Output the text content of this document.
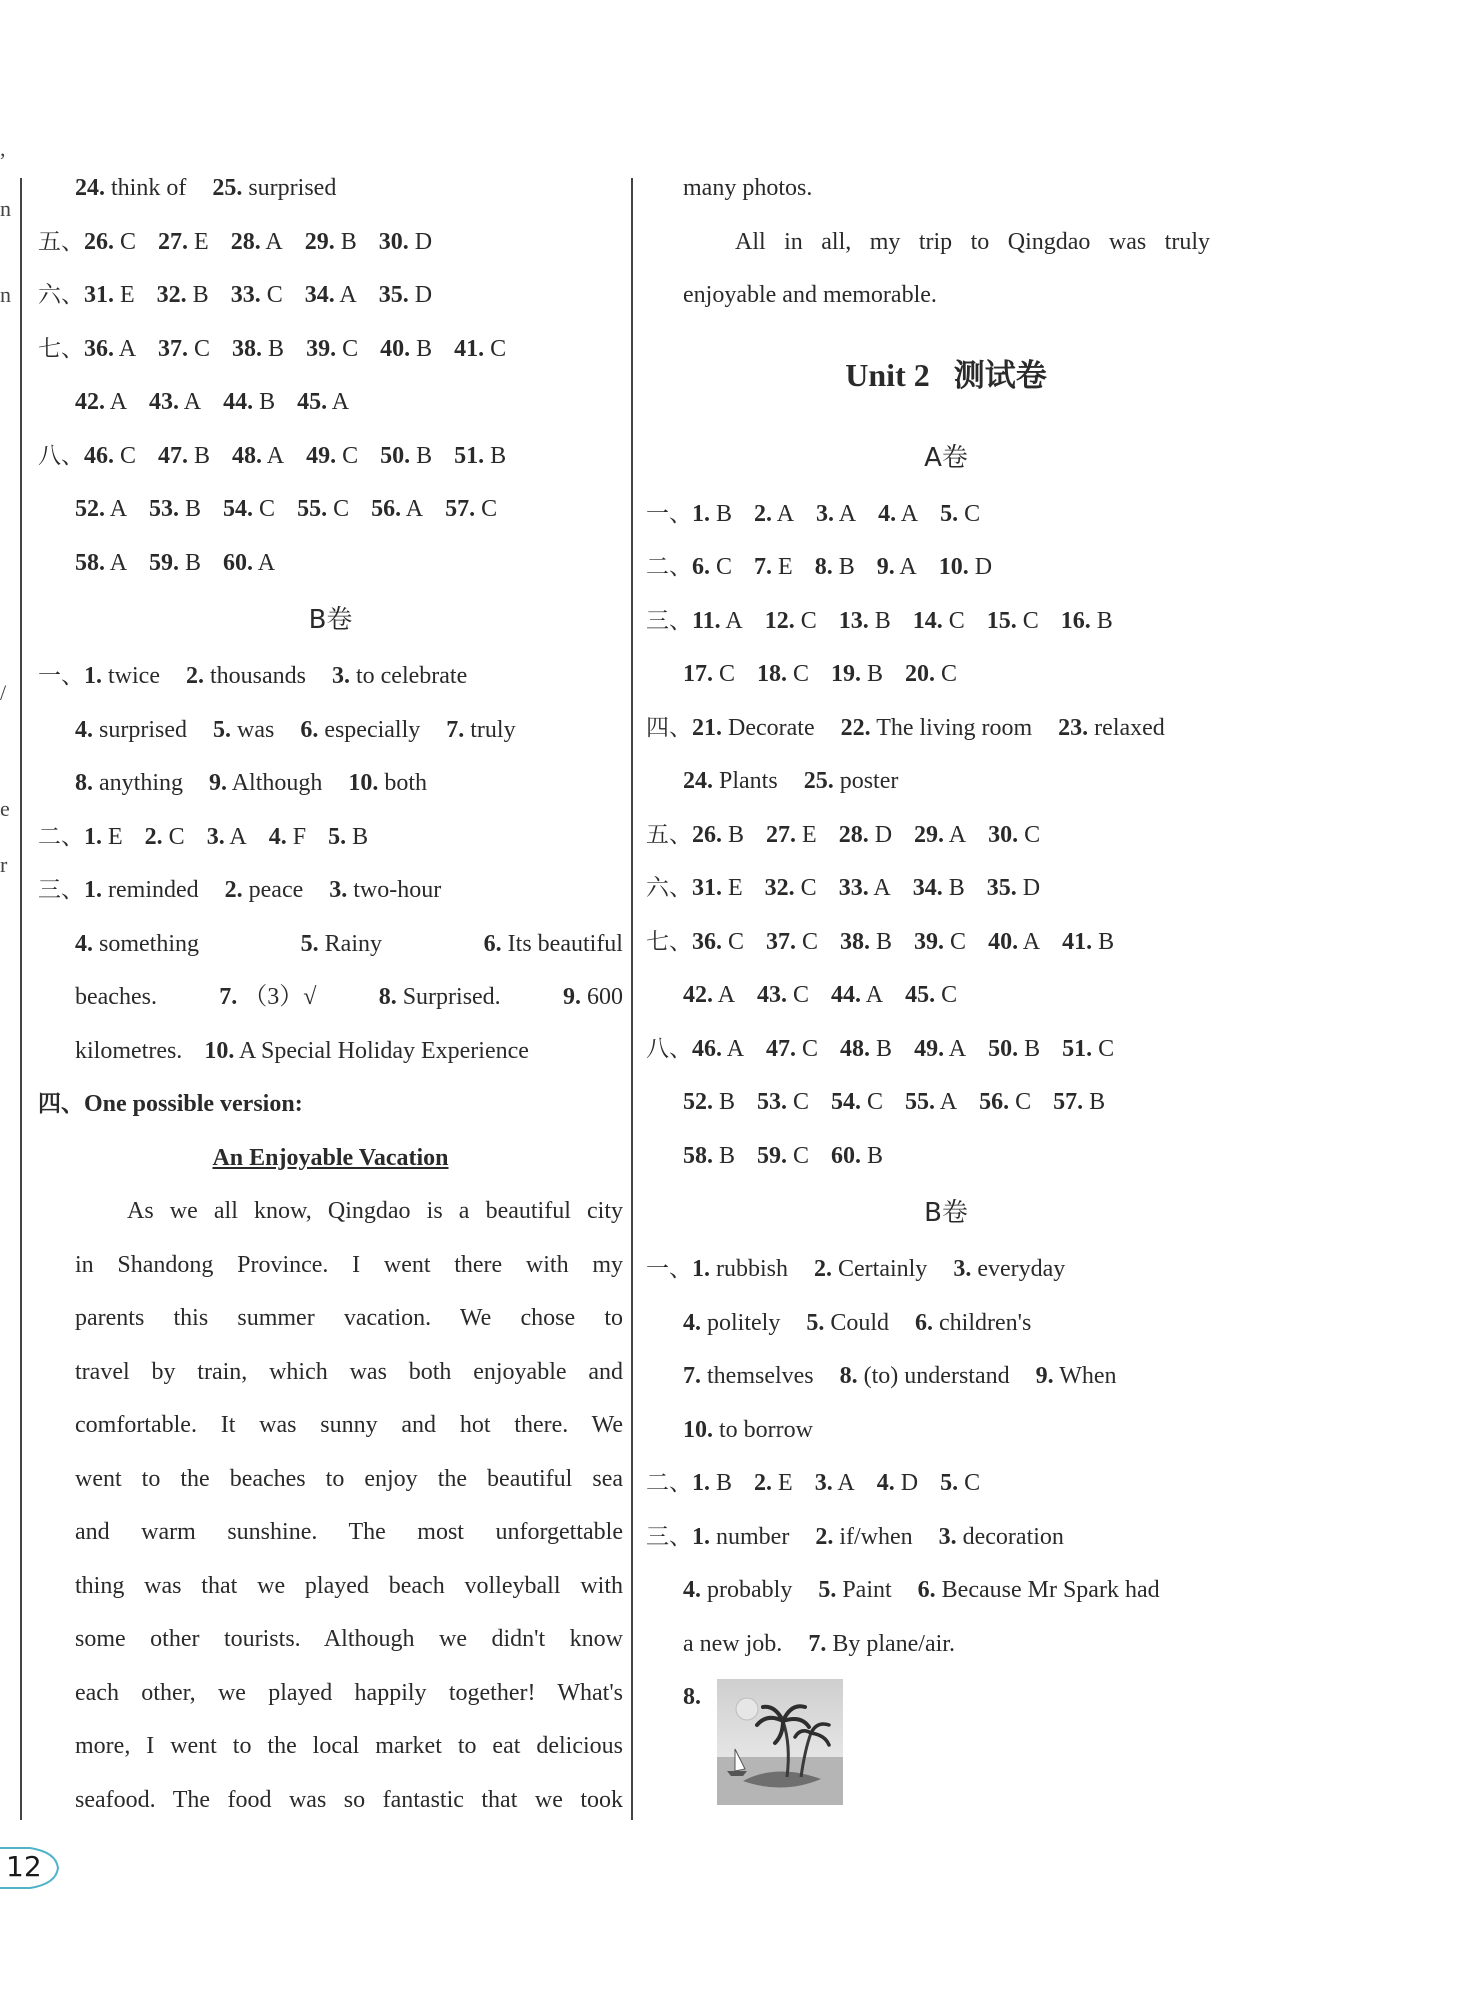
,
n
n
/
e
r
24. think of 25. surprised
五、26. C 27. E 28. A 29. B 30. D
六、31. E 32. B 33. C 34. A 35. D
七、36. A 37. C 38. B 39. C 40. B 41. C
42. A 43. A 44. B 45. A
八、46. C 47. B 48. A 49. C 50. B 51. B
52. A 53. B 54. C 55. C 56. A 57. C
58. A 59. B 60. A
B卷
一、1. twice 2. thousands 3. to celebrate
4. surprised 5. was 6. especially 7. truly
8. anything 9. Although 10. both
二、1. E 2. C 3. A 4. F 5. B
三、1. reminded 2. peace 3. two-hour
4. something	5. Rainy	6. Its beautiful
beaches.	7. （3）√	8. Surprised.	9. 600
kilometres. 10. A Special Holiday Experience
四、One possible version:
An Enjoyable Vacation
As we all know, Qingdao is a beautiful city
in Shandong Province. I went there with my
parents this summer vacation. We chose to
travel by train, which was both enjoyable and
comfortable. It was sunny and hot there. We
went to the beaches to enjoy the beautiful sea
and warm sunshine. The most unforgettable
thing was that we played beach volleyball with
some other tourists. Although we didn't know
each other, we played happily together! What's
more, I went to the local market to eat delicious
seafood. The food was so fantastic that we took
many photos.
All in all, my trip to Qingdao was truly
enjoyable and memorable.
Unit 2 测试卷
A卷
一、1. B 2. A 3. A 4. A 5. C
二、6. C 7. E 8. B 9. A 10. D
三、11. A 12. C 13. B 14. C 15. C 16. B
17. C 18. C 19. B 20. C
四、21. Decorate 22. The living room 23. relaxed
24. Plants 25. poster
五、26. B 27. E 28. D 29. A 30. C
六、31. E 32. C 33. A 34. B 35. D
七、36. C 37. C 38. B 39. C 40. A 41. B
42. A 43. C 44. A 45. C
八、46. A 47. C 48. B 49. A 50. B 51. C
52. B 53. C 54. C 55. A 56. C 57. B
58. B 59. C 60. B
B卷
一、1. rubbish 2. Certainly 3. everyday
4. politely 5. Could 6. children's
7. themselves 8. (to) understand 9. When
10. to borrow
二、1. B 2. E 3. A 4. D 5. C
三、1. number 2. if/when 3. decoration
4. probably 5. Paint 6. Because Mr Spark had
a new job. 7. By plane/air.
8.
12
